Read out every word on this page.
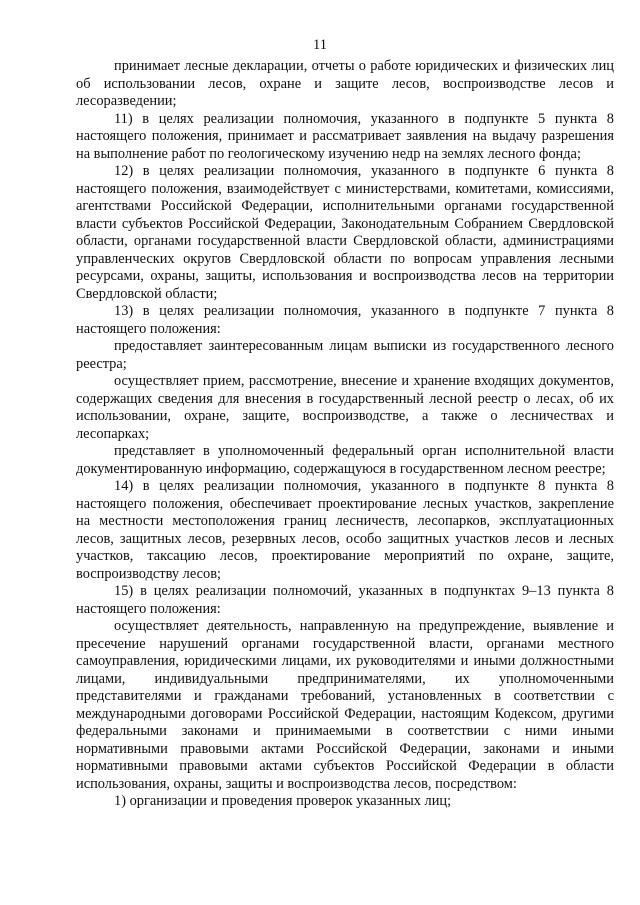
11

принимает лесные декларации, отчеты о работе юридических и физических лиц об использовании лесов, охране и защите лесов, воспроизводстве лесов и лесоразведении;

11) в целях реализации полномочия, указанного в подпункте 5 пункта 8 настоящего положения, принимает и рассматривает заявления на выдачу разрешения на выполнение работ по геологическому изучению недр на землях лесного фонда;

12) в целях реализации полномочия, указанного в подпункте 6 пункта 8 настоящего положения, взаимодействует с министерствами, комитетами, комиссиями, агентствами Российской Федерации, исполнительными органами государственной власти субъектов Российской Федерации, Законодательным Собранием Свердловской области, органами государственной власти Свердловской области, администрациями управленческих округов Свердловской области по вопросам управления лесными ресурсами, охраны, защиты, использования и воспроизводства лесов на территории Свердловской области;

13) в целях реализации полномочия, указанного в подпункте 7 пункта 8 настоящего положения:

предоставляет заинтересованным лицам выписки из государственного лесного реестра;

осуществляет прием, рассмотрение, внесение и хранение входящих документов, содержащих сведения для внесения в государственный лесной реестр о лесах, об их использовании, охране, защите, воспроизводстве, а также о лесничествах и лесопарках;

представляет в уполномоченный федеральный орган исполнительной власти документированную информацию, содержащуюся в государственном лесном реестре;

14) в целях реализации полномочия, указанного в подпункте 8 пункта 8 настоящего положения, обеспечивает проектирование лесных участков, закрепление на местности местоположения границ лесничеств, лесопарков, эксплуатационных лесов, защитных лесов, резервных лесов, особо защитных участков лесов и лесных участков, таксацию лесов, проектирование мероприятий по охране, защите, воспроизводству лесов;

15) в целях реализации полномочий, указанных в подпунктах 9–13 пункта 8 настоящего положения:

осуществляет деятельность, направленную на предупреждение, выявление и пресечение нарушений органами государственной власти, органами местного самоуправления, юридическими лицами, их руководителями и иными должностными лицами, индивидуальными предпринимателями, их уполномоченными представителями и гражданами требований, установленных в соответствии с международными договорами Российской Федерации, настоящим Кодексом, другими федеральными законами и принимаемыми в соответствии с ними иными нормативными правовыми актами Российской Федерации, законами и иными нормативными правовыми актами субъектов Российской Федерации в области использования, охраны, защиты и воспроизводства лесов, посредством:

1) организации и проведения проверок указанных лиц;
